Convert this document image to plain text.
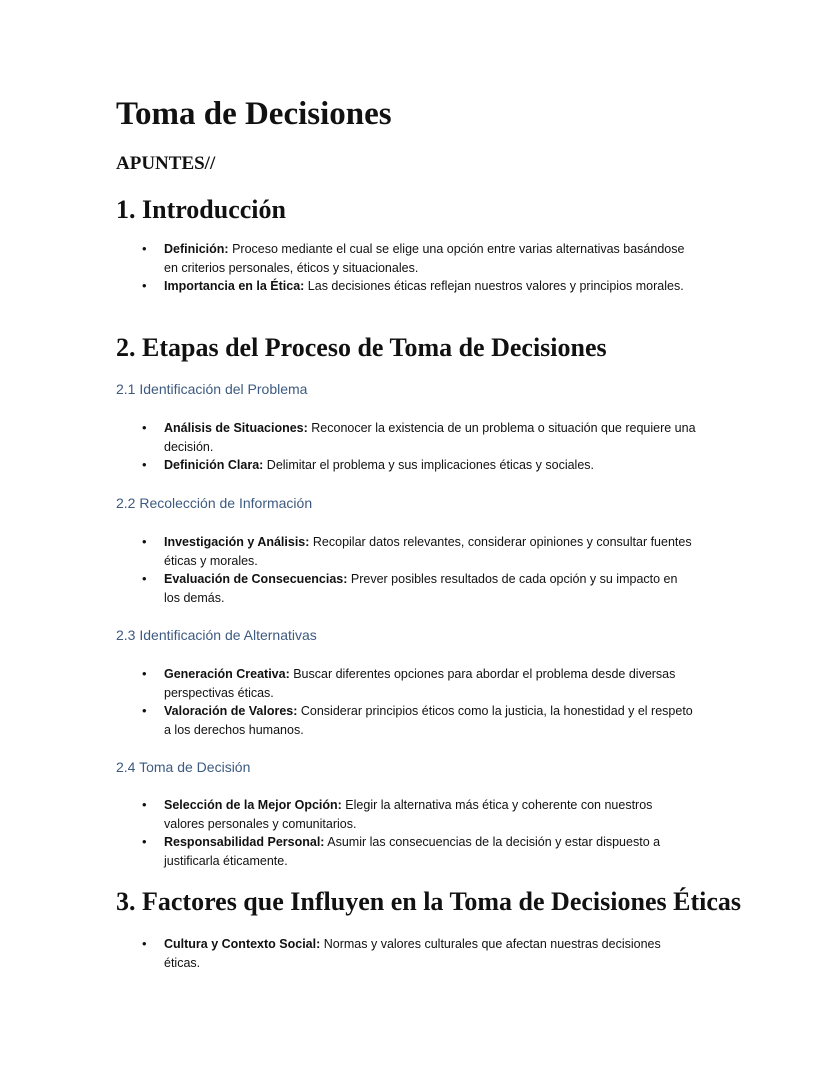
Toma de Decisiones
APUNTES//
1. Introducción
• Definición: Proceso mediante el cual se elige una opción entre varias alternativas basándose en criterios personales, éticos y situacionales.
• Importancia en la Ética: Las decisiones éticas reflejan nuestros valores y principios morales.
2. Etapas del Proceso de Toma de Decisiones
2.1 Identificación del Problema
• Análisis de Situaciones: Reconocer la existencia de un problema o situación que requiere una decisión.
• Definición Clara: Delimitar el problema y sus implicaciones éticas y sociales.
2.2 Recolección de Información
• Investigación y Análisis: Recopilar datos relevantes, considerar opiniones y consultar fuentes éticas y morales.
• Evaluación de Consecuencias: Prever posibles resultados de cada opción y su impacto en los demás.
2.3 Identificación de Alternativas
• Generación Creativa: Buscar diferentes opciones para abordar el problema desde diversas perspectivas éticas.
• Valoración de Valores: Considerar principios éticos como la justicia, la honestidad y el respeto a los derechos humanos.
2.4 Toma de Decisión
• Selección de la Mejor Opción: Elegir la alternativa más ética y coherente con nuestros valores personales y comunitarios.
• Responsabilidad Personal: Asumir las consecuencias de la decisión y estar dispuesto a justificarla éticamente.
3. Factores que Influyen en la Toma de Decisiones Éticas
• Cultura y Contexto Social: Normas y valores culturales que afectan nuestras decisiones éticas.
